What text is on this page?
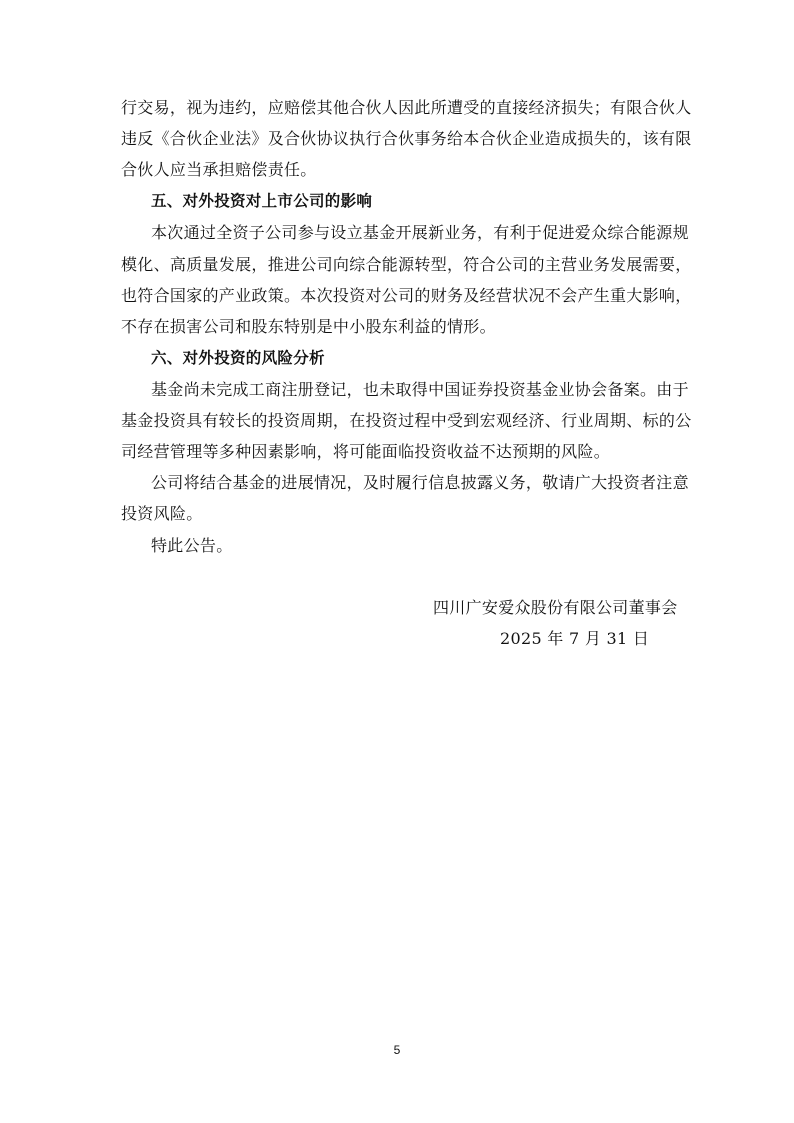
行交易，视为违约，应赔偿其他合伙人因此所遭受的直接经济损失；有限合伙人
违反《合伙企业法》及合伙协议执行合伙事务给本合伙企业造成损失的，该有限
合伙人应当承担赔偿责任。
五、对外投资对上市公司的影响
本次通过全资子公司参与设立基金开展新业务，有利于促进爱众综合能源规
模化、高质量发展，推进公司向综合能源转型，符合公司的主营业务发展需要，
也符合国家的产业政策。本次投资对公司的财务及经营状况不会产生重大影响，
不存在损害公司和股东特别是中小股东利益的情形。
六、对外投资的风险分析
基金尚未完成工商注册登记，也未取得中国证券投资基金业协会备案。由于
基金投资具有较长的投资周期，在投资过程中受到宏观经济、行业周期、标的公
司经营管理等多种因素影响，将可能面临投资收益不达预期的风险。
公司将结合基金的进展情况，及时履行信息披露义务，敬请广大投资者注意
投资风险。
特此公告。
四川广安爱众股份有限公司董事会
2025 年 7 月 31 日
5
